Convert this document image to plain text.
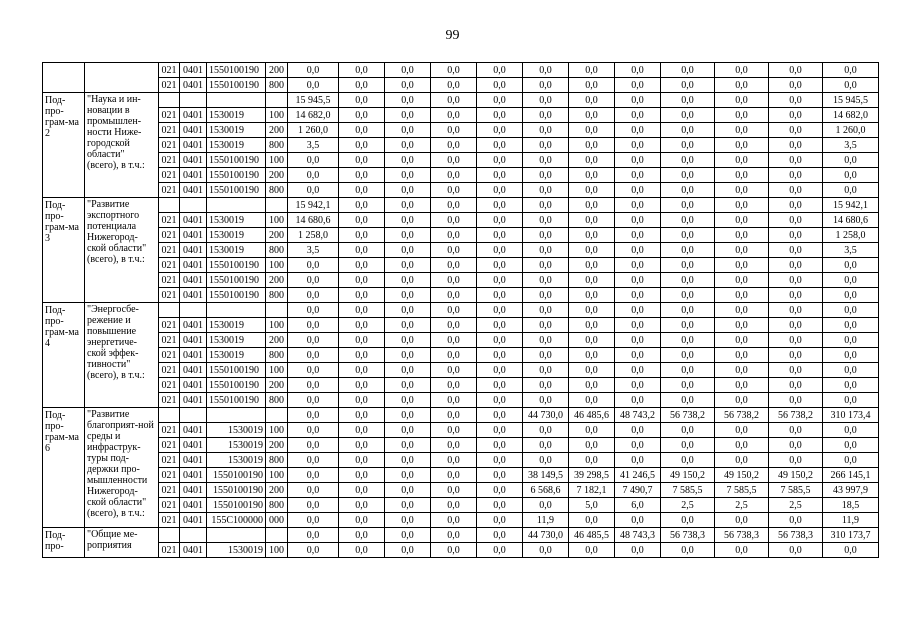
99
		021	0401	1550100190	200	0,0	0,0	0,0	0,0	0,0	0,0	0,0	0,0	0,0	0,0	0,0	0,0
		021	0401	1550100190	800	0,0	0,0	0,0	0,0	0,0	0,0	0,0	0,0	0,0	0,0	0,0	0,0
Под-про-грам-ма 2	"Наука и ин-новации в промышлен-ности Ниже-городской области" (всего), в т.ч.:					15 945,5	0,0	0,0	0,0	0,0	0,0	0,0	0,0	0,0	0,0	0,0	15 945,5
		021	0401	1530019	100	14 682,0	0,0	0,0	0,0	0,0	0,0	0,0	0,0	0,0	0,0	0,0	14 682,0
		021	0401	1530019	200	1 260,0	0,0	0,0	0,0	0,0	0,0	0,0	0,0	0,0	0,0	0,0	1 260,0
		021	0401	1530019	800	3,5	0,0	0,0	0,0	0,0	0,0	0,0	0,0	0,0	0,0	0,0	3,5
		021	0401	1550100190	100	0,0	0,0	0,0	0,0	0,0	0,0	0,0	0,0	0,0	0,0	0,0	0,0
		021	0401	1550100190	200	0,0	0,0	0,0	0,0	0,0	0,0	0,0	0,0	0,0	0,0	0,0	0,0
		021	0401	1550100190	800	0,0	0,0	0,0	0,0	0,0	0,0	0,0	0,0	0,0	0,0	0,0	0,0
Под-про-грам-ма 3	"Развитие экспортного потенциала Нижегород-ской области" (всего), в т.ч.:					15 942,1	0,0	0,0	0,0	0,0	0,0	0,0	0,0	0,0	0,0	0,0	15 942,1
		021	0401	1530019	100	14 680,6	0,0	0,0	0,0	0,0	0,0	0,0	0,0	0,0	0,0	0,0	14 680,6
		021	0401	1530019	200	1 258,0	0,0	0,0	0,0	0,0	0,0	0,0	0,0	0,0	0,0	0,0	1 258,0
		021	0401	1530019	800	3,5	0,0	0,0	0,0	0,0	0,0	0,0	0,0	0,0	0,0	0,0	3,5
		021	0401	1550100190	100	0,0	0,0	0,0	0,0	0,0	0,0	0,0	0,0	0,0	0,0	0,0	0,0
		021	0401	1550100190	200	0,0	0,0	0,0	0,0	0,0	0,0	0,0	0,0	0,0	0,0	0,0	0,0
		021	0401	1550100190	800	0,0	0,0	0,0	0,0	0,0	0,0	0,0	0,0	0,0	0,0	0,0	0,0
Под-про-грам-ма 4	"Энергосбе-режение и повышение энергетиче-ской эффек-тивности" (всего), в т.ч.:					0,0	0,0	0,0	0,0	0,0	0,0	0,0	0,0	0,0	0,0	0,0	0,0
		021	0401	1530019	100	0,0	0,0	0,0	0,0	0,0	0,0	0,0	0,0	0,0	0,0	0,0	0,0
		021	0401	1530019	200	0,0	0,0	0,0	0,0	0,0	0,0	0,0	0,0	0,0	0,0	0,0	0,0
		021	0401	1530019	800	0,0	0,0	0,0	0,0	0,0	0,0	0,0	0,0	0,0	0,0	0,0	0,0
		021	0401	1550100190	100	0,0	0,0	0,0	0,0	0,0	0,0	0,0	0,0	0,0	0,0	0,0	0,0
		021	0401	1550100190	200	0,0	0,0	0,0	0,0	0,0	0,0	0,0	0,0	0,0	0,0	0,0	0,0
		021	0401	1550100190	800	0,0	0,0	0,0	0,0	0,0	0,0	0,0	0,0	0,0	0,0	0,0	0,0
Под-про-грам-ма 6	"Развитие благоприят-ной среды и инфраструк-туры под-держки про-мышленности Нижегород-ской области" (всего), в т.ч.:					0,0	0,0	0,0	0,0	0,0	44 730,0	46 485,6	48 743,2	56 738,2	56 738,2	56 738,2	310 173,4
		021	0401	1530019	100	0,0	0,0	0,0	0,0	0,0	0,0	0,0	0,0	0,0	0,0	0,0	0,0
		021	0401	1530019	200	0,0	0,0	0,0	0,0	0,0	0,0	0,0	0,0	0,0	0,0	0,0	0,0
		021	0401	1530019	800	0,0	0,0	0,0	0,0	0,0	0,0	0,0	0,0	0,0	0,0	0,0	0,0
		021	0401	1550100190	100	0,0	0,0	0,0	0,0	0,0	38 149,5	39 298,5	41 246,5	49 150,2	49 150,2	49 150,2	266 145,1
		021	0401	1550100190	200	0,0	0,0	0,0	0,0	0,0	6 568,6	7 182,1	7 490,7	7 585,5	7 585,5	7 585,5	43 997,9
		021	0401	1550100190	800	0,0	0,0	0,0	0,0	0,0	0,0	5,0	6,0	2,5	2,5	2,5	18,5
		021	0401	155С100000	000	0,0	0,0	0,0	0,0	0,0	11,9	0,0	0,0	0,0	0,0	0,0	11,9
Под-про-	"Общие ме-роприятия					0,0	0,0	0,0	0,0	0,0	44 730,0	46 485,5	48 743,3	56 738,3	56 738,3	56 738,3	310 173,7
		021	0401	1530019	100	0,0	0,0	0,0	0,0	0,0	0,0	0,0	0,0	0,0	0,0	0,0	0,0
